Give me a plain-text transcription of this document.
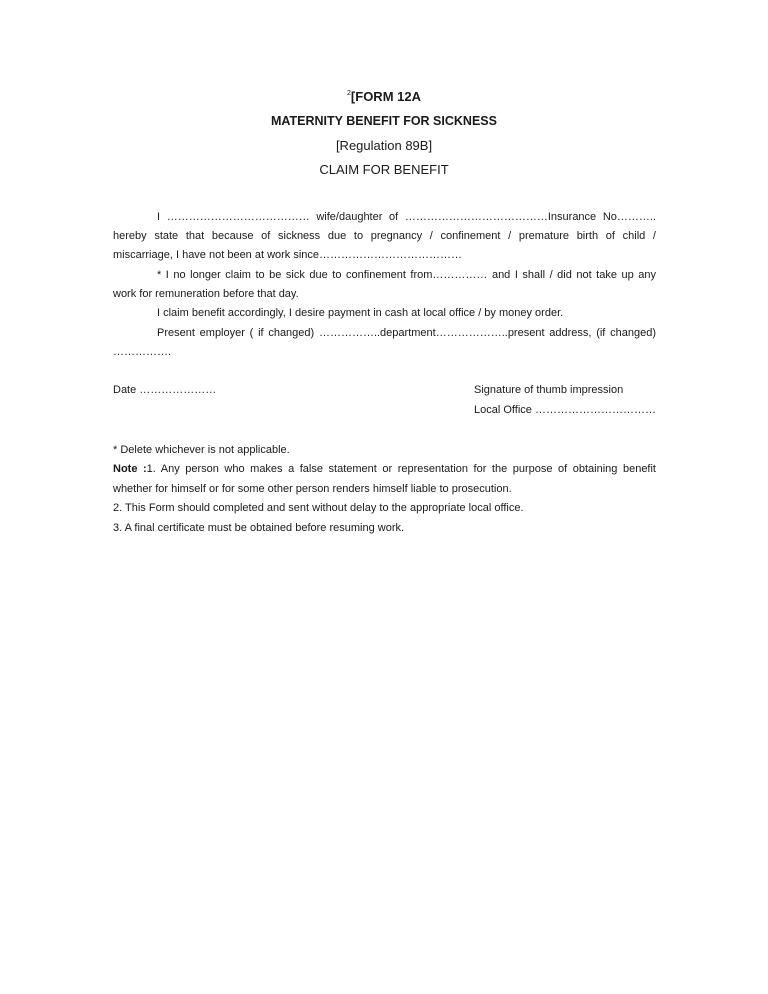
$^2$[FORM 12A
MATERNITY BENEFIT FOR SICKNESS
[Regulation 89B]
CLAIM FOR BENEFIT
I ………………………………… wife/daughter of …………………………………Insurance No………..
hereby state that because of sickness due to pregnancy / confinement / premature birth of child /
miscarriage, I have not been at work since…………………………………
* I no longer claim to be sick due to confinement from…………… and I shall / did not take up any
work for remuneration before that day.
I claim benefit accordingly, I desire payment in cash at local office / by money order.
Present employer ( if changed) ……………..department………………..present address, (if changed)
…………….
Date …………………	Signature of thumb impression
Local Office ……………………………
* Delete whichever is not applicable.
Note :1. Any person who makes a false statement or representation for the purpose of obtaining benefit
whether for himself or for some other person renders himself liable to prosecution.
2. This Form should completed and sent without delay to the appropriate local office.
3. A final certificate must be obtained before resuming work.
